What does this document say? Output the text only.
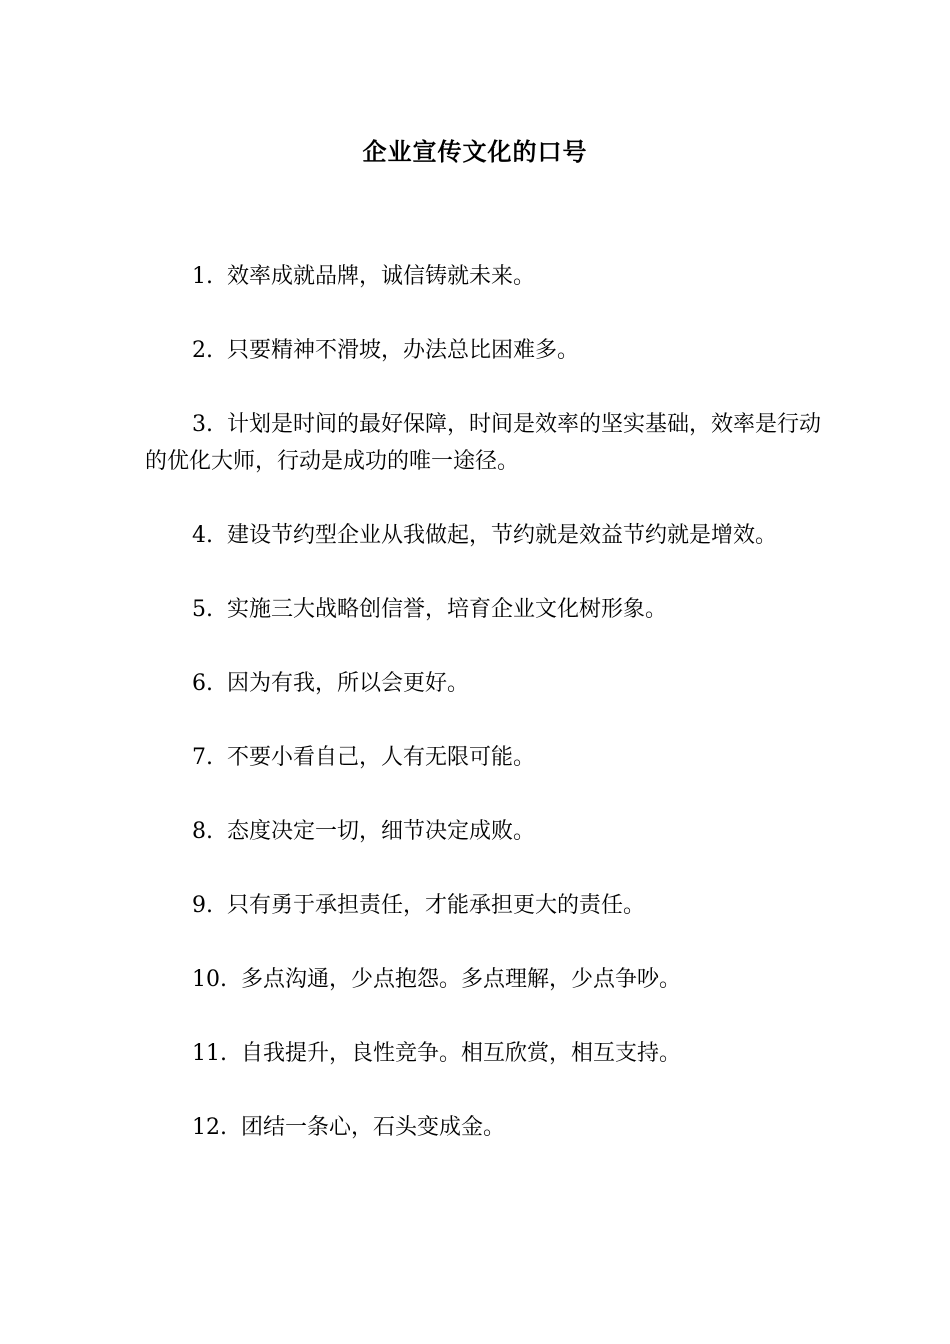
企业宣传文化的口号

1. 效率成就品牌，诚信铸就未来。

2. 只要精神不滑坡，办法总比困难多。

3. 计划是时间的最好保障，时间是效率的坚实基础，效率是行动的优化大师，行动是成功的唯一途径。

4. 建设节约型企业从我做起，节约就是效益节约就是增效。

5. 实施三大战略创信誉，培育企业文化树形象。

6. 因为有我，所以会更好。

7. 不要小看自己，人有无限可能。

8. 态度决定一切，细节决定成败。

9. 只有勇于承担责任，才能承担更大的责任。

10. 多点沟通，少点抱怨。多点理解，少点争吵。

11. 自我提升，良性竞争。相互欣赏，相互支持。

12. 团结一条心，石头变成金。
